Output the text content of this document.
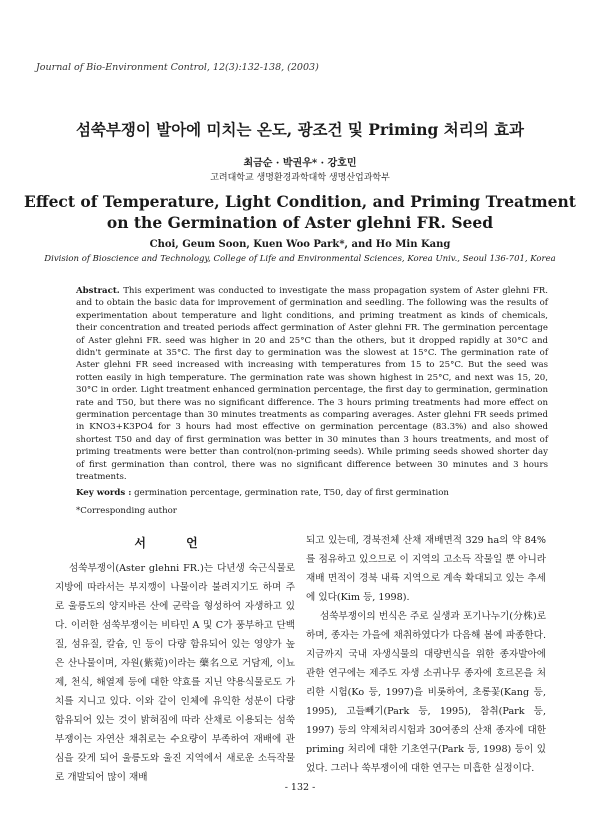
Journal of Bio-Environment Control, 12(3):132-138, (2003)
섬쑥부쟁이 발아에 미치는 온도, 광조건 및 Priming 처리의 효과
최금순 · 박권우* · 강호민
고려대학교 생명환경과학대학 생명산업과학부
Effect of Temperature, Light Condition, and Priming Treatment on the Germination of Aster glehni FR. Seed
Choi, Geum Soon, Kuen Woo Park*, and Ho Min Kang
Division of Bioscience and Technology, College of Life and Environmental Sciences, Korea Univ., Seoul 136-701, Korea
Abstract. This experiment was conducted to investigate the mass propagation system of Aster glehni FR. and to obtain the basic data for improvement of germination and seedling. The following was the results of experimentation about temperature and light conditions, and priming treatment as kinds of chemicals, their concentration and treated periods affect germination of Aster glehni FR. The germination percentage of Aster glehni FR. seed was higher in 20 and 25°C than the others, but it dropped rapidly at 30°C and didn't germinate at 35°C. The first day to germination was the slowest at 15°C. The germination rate of Aster glehni FR seed increased with increasing with temperatures from 15 to 25°C. But the seed was rotten easily in high temperature. The germination rate was shown highest in 25°C, and next was 15, 20, 30°C in order. Light treatment enhanced germination percentage, the first day to germination, germination rate and T50, but there was no significant difference. The 3 hours priming treatments had more effect on germination percentage than 30 minutes treatments as comparing averages. Aster glehni FR seeds primed in KNO3+K3PO4 for 3 hours had most effective on germination percentage (83.3%) and also showed shortest T50 and day of first germination was better in 30 minutes than 3 hours treatments, and most of priming treatments were better than control(non-priming seeds). While priming seeds showed shorter day of first germination than control, there was no significant difference between 30 minutes and 3 hours treatments.
Key words : germination percentage, germination rate, T50, day of first germination
*Corresponding author
서 언

섬쑥부쟁이(Aster glehni FR.)는 다년생 숙근식물로 지방에 따라서는 부지깽이 나물이라 불려지기도 하며 주로 울릉도의 양지바른 산에 군락을 형성하여 자생하고 있다. 이러한 섬쑥부쟁이는 비타민 A 및 C가 풍부하고 단백질, 섬유질, 칼슘, 인 등이 다량 함유되어 있는 영양가 높은 산나물이며, 자원(紫菀)이라는 藥名으로 거담제, 이뇨제, 천식, 해열제 등에 대한 약효를 지닌 약용식물로도 가치를 지니고 있다. 이와 같이 인체에 유익한 성분이 다량 함유되어 있는 것이 밝혀짐에 따라 산채로 이용되는 섬쑥부쟁이는 자연산 채취로는 수요량이 부족하여 재배에 관심을 갖게 되어 울릉도와 울진 지역에서 새로운 소득작물로 개발되어 많이 재배

되고 있는데, 경북전체 산채 재배면적 329 ha의 약 84%를 점유하고 있으므로 이 지역의 고소득 작물일 뿐 아니라 재배 면적이 경북 내륙 지역으로 계속 확대되고 있는 추세에 있다(Kim 등, 1998).

섬쑥부쟁이의 번식은 주로 실생과 포기나누기(分株)로 하며, 종자는 가을에 채취하였다가 다음해 봄에 파종한다. 지금까지 국내 자생식물의 대량번식을 위한 종자발아에 관한 연구에는 제주도 자생 소귀나무 종자에 호르몬을 처리한 시험(Ko 등, 1997)을 비롯하여, 초롱꽃(Kang 등, 1995), 고들빼기(Park 등, 1995), 참취(Park 등, 1997) 등의 약제처리시험과 30여종의 산채 종자에 대한 priming 처리에 대한 기초연구(Park 등, 1998) 등이 있었다. 그러나 쑥부쟁이에 대한 연구는 미흡한 실정이다.

- 132 -
